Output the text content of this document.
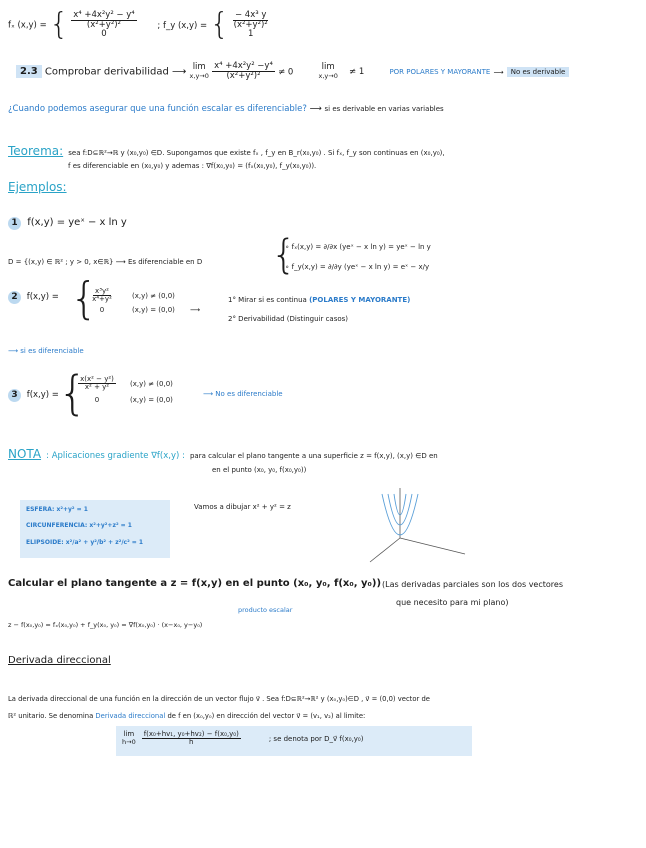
fₓ (x,y) = { $\frac{\text{x⁴ +4x²y² − y⁴}}{\text{(x²+y²)²}}$
0
; f_y (x,y) = { $\frac{\text{− 4x³ y}}{\text{(x²+y²)²}}$
1
2.3 Comprobar derivabilidad ⟶ lim
x,y→0
$\frac{\text{x⁴ +4x²y² −y⁴}}{\text{(x²+y²)²}} \ne 0$
lim
x,y→0 ≠ 1	POR POLARES Y MAYORANTE ⟶ No es derivable
¿Cuando podemos asegurar que una función escalar es diferenciable? ⟶ si es derivable en varias variables
Teorema: sea f:D⊆ℝ²→ℝ y (x₀,y₀) ∈D. Supongamos que existe fₓ , f_y en B_r(x₀,y₀) . Si fₓ, f_y son continuas en (x₀,y₀),
f es diferenciable en (x₀,y₀) y ademas : ∇f(x₀,y₀) = (fₓ(x₀,y₀), f_y(x₀,y₀)).
Ejemplos:
1 f(x,y) = yeˣ − x ln y
D = {(x,y) ∈ ℝ² ; y > 0, x∈ℝ} ⟶ Es diferenciable en D {
∘ fₓ(x,y) = ∂/∂x (yeˣ − x ln y) = yeˣ − ln y
∘ f_y(x,y) = ∂/∂y (yeˣ − x ln y) = eˣ − x/y
2 f(x,y) = {
$\frac{\text{x³y²}}{\text{x⁴+y²}} (x,y) \ne (0,0)$
0	(x,y) = (0,0) ⟶
1° Mirar si es continua (POLARES Y MAYORANTE)
2° Derivabilidad (Distinguir casos)
⟶ si es diferenciable
3 f(x,y) = {
$\frac{\text{x(x² − y²)}}{\text{x² + y²}} (x,y) \ne (0,0)$
0	(x,y) = (0,0)
⟶ No es diferenciable
NOTA : Aplicaciones gradiente ∇f(x,y) : para calcular el plano tangente a una superficie z = f(x,y), (x,y) ∈D en
en el punto (x₀, y₀, f(x₀,y₀))
ESFERA: x²+y² = 1
CIRCUNFERENCIA: x²+y²+z² = 1
ELIPSOIDE: x²/a² + y²/b² + z²/c² = 1
Vamos a dibujar x² + y² = z
Calcular el plano tangente a z = f(x,y) en el punto (x₀, y₀, f(x₀, y₀)) (Las derivadas parciales son los dos vectores
que necesito para mi plano)
producto escalar
z − f(x₀,y₀) = fₓ(x₀,y₀) + f_y(x₀, y₀) = ∇f(x₀,y₀) · (x−x₀, y−y₀)
Derivada direccional
La derivada direccional de una función en la dirección de un vector flujo v⃗ . Sea f:D⊆ℝ²→ℝ² y (x₀,y₀)∈D , v⃗ = (0,0) vector de
ℝ² unitario. Se denomina Derivada direccional de f en (x₀,y₀) en dirección del vector v⃗ = (v₁, v₂) al limite:
lim
$h\to 0 \frac{\text{f(x₀+hv₁, y₀+hv₂) − f(x₀,y₀)}}{h}$	; se denota por D_v⃗ f(x₀,y₀)
